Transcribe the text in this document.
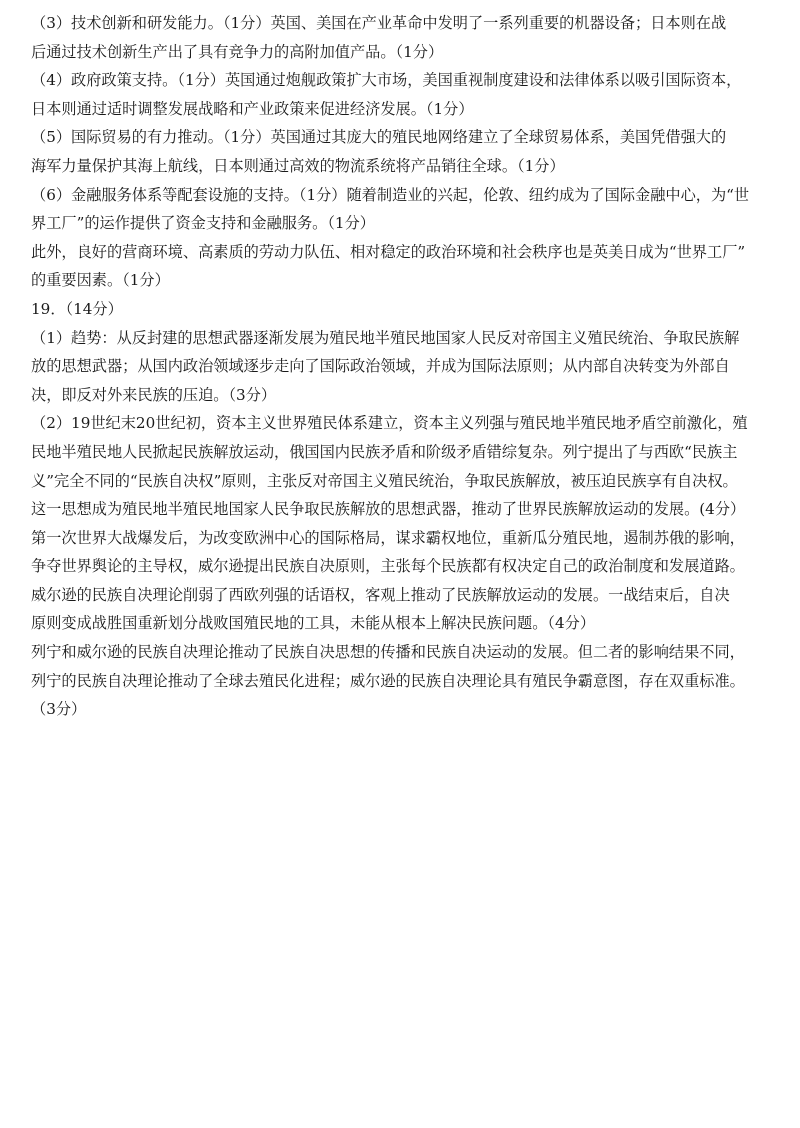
（3）技术创新和研发能力。（1分）英国、美国在产业革命中发明了一系列重要的机器设备；日本则在战
后通过技术创新生产出了具有竞争力的高附加值产品。（1分）

（4）政府政策支持。（1分）英国通过炮舰政策扩大市场，美国重视制度建设和法律体系以吸引国际资本，
日本则通过适时调整发展战略和产业政策来促进经济发展。（1分）

（5）国际贸易的有力推动。（1分）英国通过其庞大的殖民地网络建立了全球贸易体系，美国凭借强大的
海军力量保护其海上航线，日本则通过高效的物流系统将产品销往全球。（1分）

（6）金融服务体系等配套设施的支持。（1分）随着制造业的兴起，伦敦、纽约成为了国际金融中心，为“世
界工厂”的运作提供了资金支持和金融服务。（1分）

此外，良好的营商环境、高素质的劳动力队伍、相对稳定的政治环境和社会秩序也是英美日成为“世界工厂”
的重要因素。（1分）

19．（14分）

（1）趋势：从反封建的思想武器逐渐发展为殖民地半殖民地国家人民反对帝国主义殖民统治、争取民族解
放的思想武器；从国内政治领域逐步走向了国际政治领域，并成为国际法原则；从内部自决转变为外部自
决，即反对外来民族的压迫。（3分）

（2）19世纪末20世纪初，资本主义世界殖民体系建立，资本主义列强与殖民地半殖民地矛盾空前激化，殖
民地半殖民地人民掀起民族解放运动，俄国国内民族矛盾和阶级矛盾错综复杂。列宁提出了与西欧“民族主
义”完全不同的“民族自决权”原则，主张反对帝国主义殖民统治，争取民族解放，被压迫民族享有自决权。
这一思想成为殖民地半殖民地国家人民争取民族解放的思想武器，推动了世界民族解放运动的发展。(4分）

第一次世界大战爆发后，为改变欧洲中心的国际格局，谋求霸权地位，重新瓜分殖民地，遏制苏俄的影响，
争夺世界舆论的主导权，威尔逊提出民族自决原则，主张每个民族都有权决定自己的政治制度和发展道路。
威尔逊的民族自决理论削弱了西欧列强的话语权，客观上推动了民族解放运动的发展。一战结束后，自决
原则变成战胜国重新划分战败国殖民地的工具，未能从根本上解决民族问题。（4分）

列宁和威尔逊的民族自决理论推动了民族自决思想的传播和民族自决运动的发展。但二者的影响结果不同，
列宁的民族自决理论推动了全球去殖民化进程；威尔逊的民族自决理论具有殖民争霸意图，存在双重标准。
（3分）
